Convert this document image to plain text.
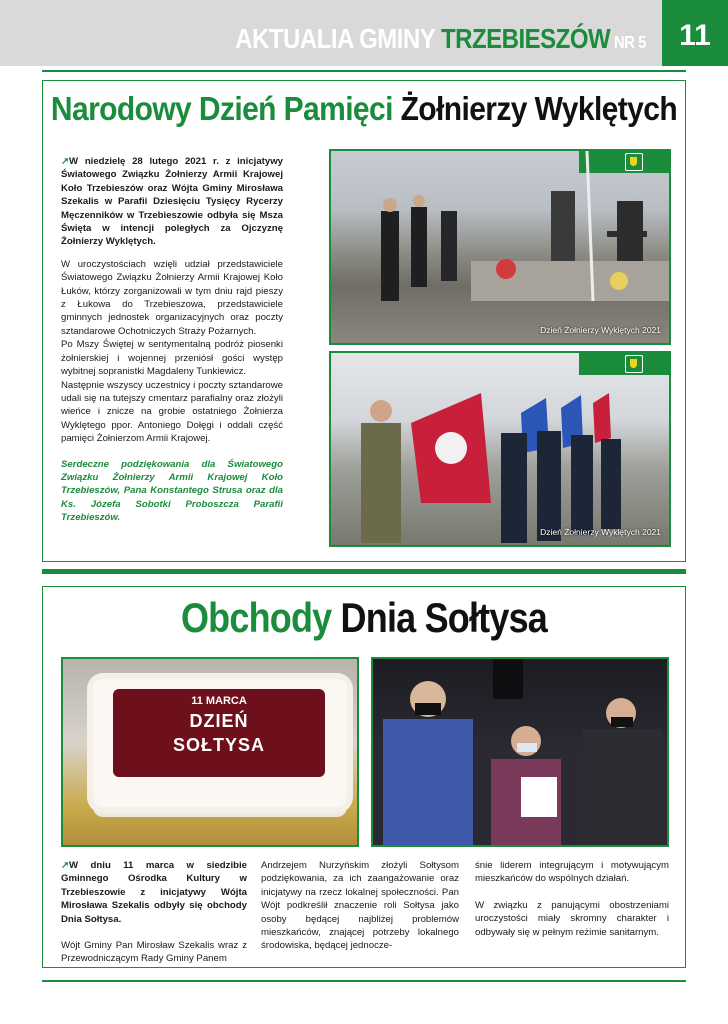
AKTUALIA GMINY TRZEBIESZÓW NR 5	11
Narodowy Dzień Pamięci Żołnierzy Wyklętych

↗W niedzielę 28 lutego 2021 r. z inicjatywy Światowego Związku Żołnierzy Armii Krajowej Koło Trzebieszów oraz Wójta Gminy Mirosława Szekalis w Parafii Dziesięciu Tysięcy Rycerzy Męczenników w Trzebieszowie odbyła się Msza Święta w intencji poległych za Ojczyznę Żołnierzy Wyklętych.

W uroczystościach wzięli udział przedstawiciele Światowego Związku Żołnierzy Armii Krajowej Koło Łuków, którzy zorganizowali w tym dniu rajd pieszy z Łukowa do Trzebieszowa, przedstawiciele gminnych jednostek organizacyjnych oraz poczty sztandarowe Ochotniczych Straży Pożarnych.

Po Mszy Świętej w sentymentalną podróż piosenki żołnierskiej i wojennej przeniósł gości występ wybitnej sopranistki Magdaleny Tunkiewicz.

Następnie wszyscy uczestnicy i poczty sztandarowe udali się na tutejszy cmentarz parafialny oraz złożyli wieńce i znicze na grobie ostatniego Żołnierza Wyklętego ppor. Antoniego Dołęgi i oddali część pamięci Żołnierzom Armii Krajowej.

Serdeczne podziękowania dla Światowego Związku Żołnierzy Armii Krajowej Koło Trzebieszów, Pana Konstantego Strusa oraz dla Ks. Józefa Sobotki Proboszcza Parafii Trzebieszów.

Dzień Żołnierzy Wyklętych 2021
Dzień Żołnierzy Wyklętych 2021
Obchody Dnia Sołtysa
11 MARCA
DZIEŃ
SOŁTYSA

↗W dniu 11 marca w siedzibie Gminnego Ośrodka Kultury w Trzebieszowie z inicjatywy Wójta Mirosława Szekalis odbyły się obchody Dnia Sołtysa.

Wójt Gminy Pan Mirosław Szekalis wraz z Przewodniczącym Rady Gminy Panem

Andrzejem Nurzyńskim złożyli Sołtysom podziękowania, za ich zaangażowanie oraz inicjatywy na rzecz lokalnej społeczności. Pan Wójt podkreślił znaczenie roli Sołtysa jako osoby będącej najbliżej problemów mieszkańców, znającej potrzeby lokalnego środowiska, będącej jednocze-

śnie liderem integrującym i motywującym mieszkańców do wspólnych działań.

W związku z panującymi obostrzeniami uroczystości miały skromny charakter i odbywały się w pełnym reżimie sanitarnym.
